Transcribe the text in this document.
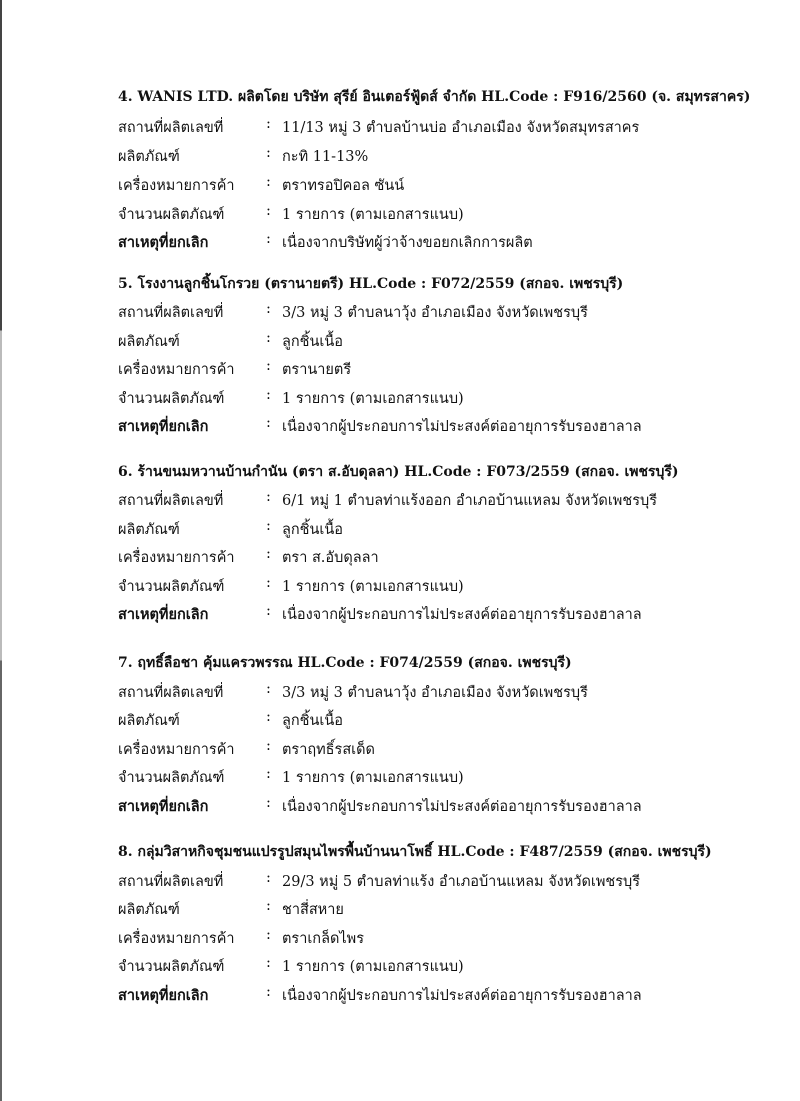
4. WANIS LTD. ผลิตโดย บริษัท สุรีย์ อินเตอร์ฟู้ดส์ จำกัด HL.Code : F916/2560 (จ. สมุทรสาคร)
สถานที่ผลิตเลขที่	: 11/13 หมู่ 3 ตำบลบ้านบ่อ อำเภอเมือง จังหวัดสมุทรสาคร
ผลิตภัณฑ์	: กะทิ 11-13%
เครื่องหมายการค้า : ตราทรอปิคอล ซันน์
จำนวนผลิตภัณฑ์	: 1 รายการ (ตามเอกสารแนบ)
สาเหตุที่ยกเลิก	: เนื่องจากบริษัทผู้ว่าจ้างขอยกเลิกการผลิต
5. โรงงานลูกชิ้นโกรวย (ตรานายตรี) HL.Code : F072/2559 (สกอจ. เพชรบุรี)
สถานที่ผลิตเลขที่	: 3/3 หมู่ 3 ตำบลนาวุ้ง อำเภอเมือง จังหวัดเพชรบุรี
ผลิตภัณฑ์	: ลูกชิ้นเนื้อ
เครื่องหมายการค้า : ตรานายตรี
จำนวนผลิตภัณฑ์	: 1 รายการ (ตามเอกสารแนบ)
สาเหตุที่ยกเลิก	: เนื่องจากผู้ประกอบการไม่ประสงค์ต่ออายุการรับรองฮาลาล
6. ร้านขนมหวานบ้านกำนัน (ตรา ส.อับดุลลา) HL.Code : F073/2559 (สกอจ. เพชรบุรี)
สถานที่ผลิตเลขที่	: 6/1 หมู่ 1 ตำบลท่าแร้งออก อำเภอบ้านแหลม จังหวัดเพชรบุรี
ผลิตภัณฑ์	: ลูกชิ้นเนื้อ
เครื่องหมายการค้า : ตรา ส.อับดุลลา
จำนวนผลิตภัณฑ์	: 1 รายการ (ตามเอกสารแนบ)
สาเหตุที่ยกเลิก	: เนื่องจากผู้ประกอบการไม่ประสงค์ต่ออายุการรับรองฮาลาล
7. ฤทธิ์ลือชา คุ้มแครวพรรณ HL.Code : F074/2559 (สกอจ. เพชรบุรี)
สถานที่ผลิตเลขที่	: 3/3 หมู่ 3 ตำบลนาวุ้ง อำเภอเมือง จังหวัดเพชรบุรี
ผลิตภัณฑ์	: ลูกชิ้นเนื้อ
เครื่องหมายการค้า : ตราฤทธิ์รสเด็ด
จำนวนผลิตภัณฑ์	: 1 รายการ (ตามเอกสารแนบ)
สาเหตุที่ยกเลิก	: เนื่องจากผู้ประกอบการไม่ประสงค์ต่ออายุการรับรองฮาลาล
8. กลุ่มวิสาหกิจชุมชนแปรรูปสมุนไพรพื้นบ้านนาโพธิ์ HL.Code : F487/2559 (สกอจ. เพชรบุรี)
สถานที่ผลิตเลขที่	: 29/3 หมู่ 5 ตำบลท่าแร้ง อำเภอบ้านแหลม จังหวัดเพชรบุรี
ผลิตภัณฑ์	: ชาสี่สหาย
เครื่องหมายการค้า : ตราเกล็ดไพร
จำนวนผลิตภัณฑ์	: 1 รายการ (ตามเอกสารแนบ)
สาเหตุที่ยกเลิก	: เนื่องจากผู้ประกอบการไม่ประสงค์ต่ออายุการรับรองฮาลาล
